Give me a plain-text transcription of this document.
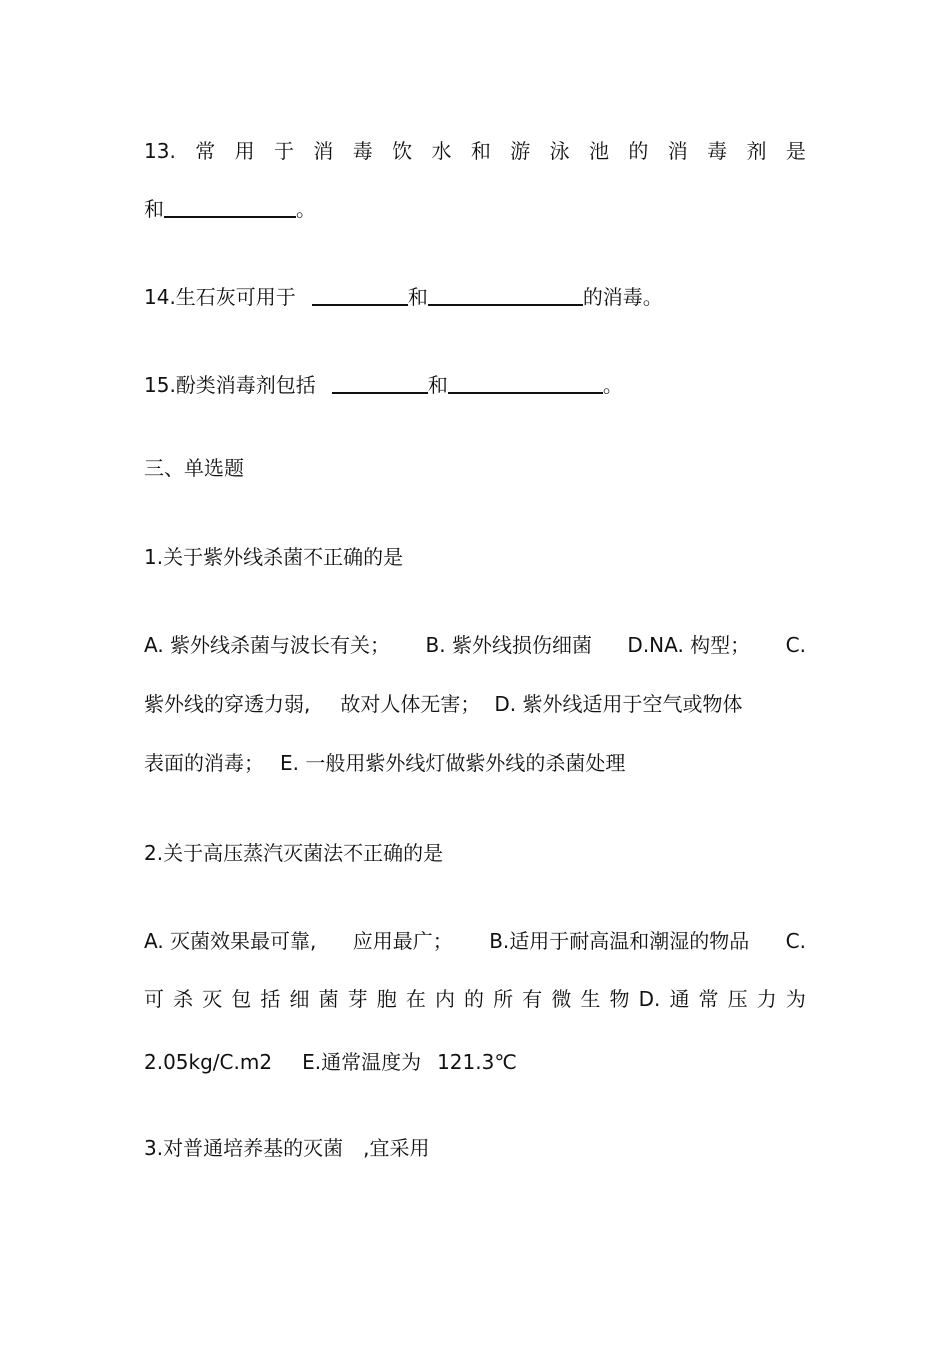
13. 常 用 于 消 毒 饮 水 和 游 泳 池 的 消 毒 剂 是
和	。
14.生石灰可用于	和	的消毒。
15.酚类消毒剂包括	和	。
三、单选题
1.关于紫外线杀菌不正确的是
A. 紫外线杀菌与波长有关； B. 紫外线损伤细菌 D.NA. 构型； C.
紫外线的穿透力弱, 故对人体无害； D. 紫外线适用于空气或物体
表面的消毒； E. 一般用紫外线灯做紫外线的杀菌处理
2.关于高压蒸汽灭菌法不正确的是
A. 灭菌效果最可靠, 应用最广； B.适用于耐高温和潮湿的物品 C.
可 杀 灭 包 括 细 菌 芽 胞 在 内 的 所 有 微 生 物 D. 通 常 压 力 为
2.05kg/C.m2 E.通常温度为 121.3℃
3.对普通培养基的灭菌　,宜采用
